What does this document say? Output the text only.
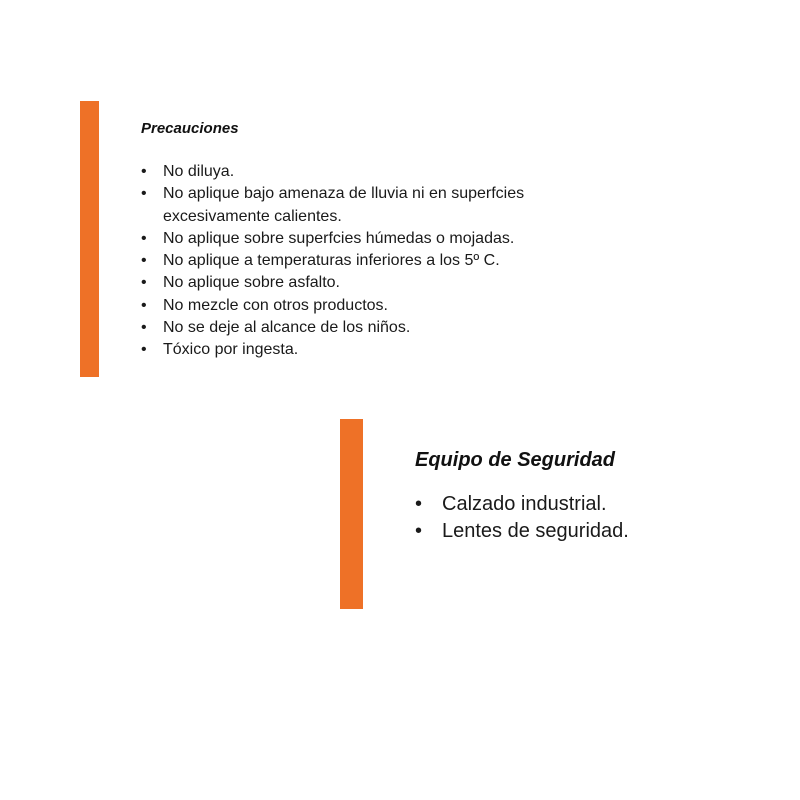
Precauciones
• No diluya.
• No aplique bajo amenaza de lluvia ni en superfcies excesivamente calientes.
• No aplique sobre superfcies húmedas o mojadas.
• No aplique a temperaturas inferiores a los 5º C.
• No aplique sobre asfalto.
• No mezcle con otros productos.
• No se deje al alcance de los niños.
• Tóxico por ingesta.
Equipo de Seguridad
• Calzado industrial.
• Lentes de seguridad.
